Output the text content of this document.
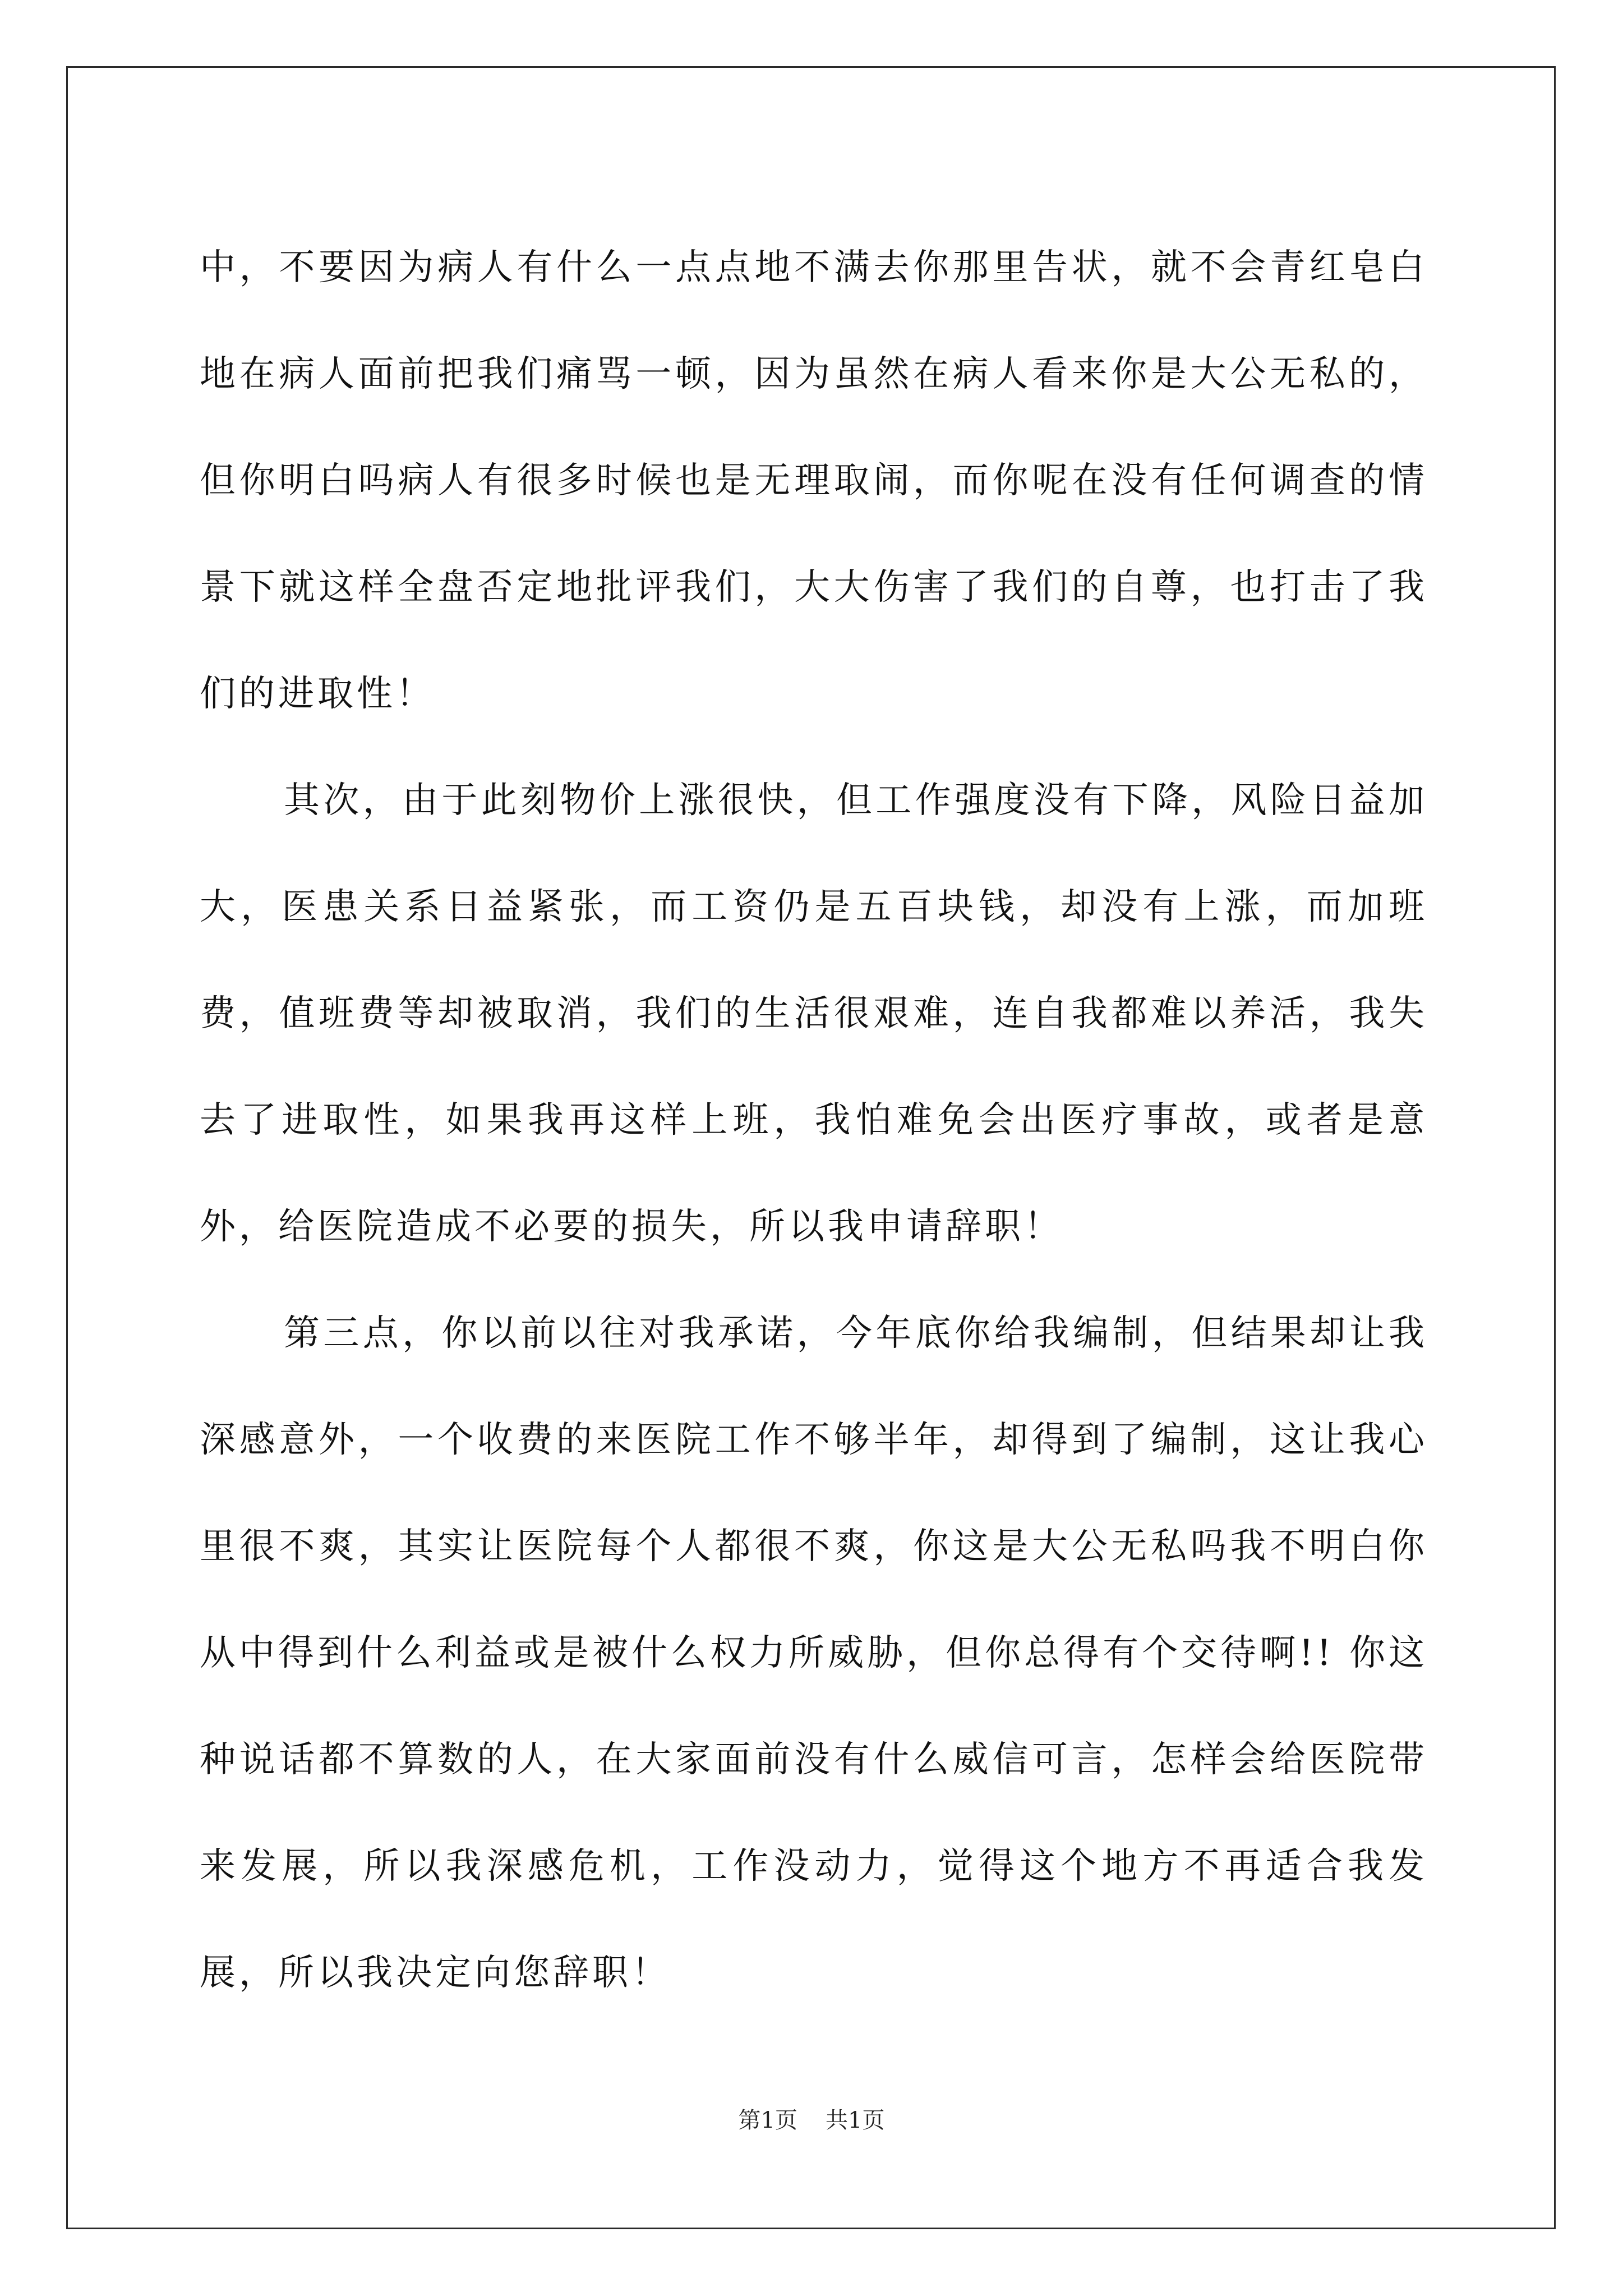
中，不要因为病人有什么一点点地不满去你那里告状，就不会青红皂白地在病人面前把我们痛骂一顿，因为虽然在病人看来你是大公无私的，但你明白吗病人有很多时候也是无理取闹，而你呢在没有任何调查的情景下就这样全盘否定地批评我们，大大伤害了我们的自尊，也打击了我们的进取性！

其次，由于此刻物价上涨很快，但工作强度没有下降，风险日益加大，医患关系日益紧张，而工资仍是五百块钱，却没有上涨，而加班费，值班费等却被取消，我们的生活很艰难，连自我都难以养活，我失去了进取性，如果我再这样上班，我怕难免会出医疗事故，或者是意外，给医院造成不必要的损失，所以我申请辞职！

第三点，你以前以往对我承诺，今年底你给我编制，但结果却让我深感意外，一个收费的来医院工作不够半年，却得到了编制，这让我心里很不爽，其实让医院每个人都很不爽，你这是大公无私吗我不明白你从中得到什么利益或是被什么权力所威胁，但你总得有个交待啊!! 你这种说话都不算数的人，在大家面前没有什么威信可言，怎样会给医院带来发展，所以我深感危机，工作没动力，觉得这个地方不再适合我发展，所以我决定向您辞职！

第1页 共1页
